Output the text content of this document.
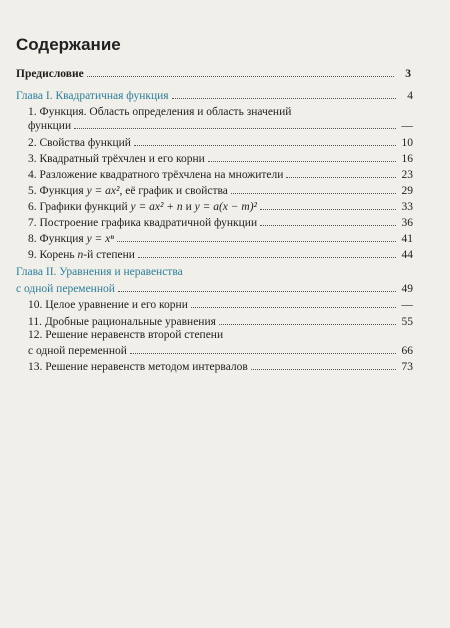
Содержание
Предисловие	3
Глава I. Квадратичная функция	4
1. Функция. Область определения и область значений
функции	—
2. Свойства функций	10
3. Квадратный трёхчлен и его корни	16
4. Разложение квадратного трёхчлена на множители	23
5. Функция y = ax², её график и свойства	29
6. Графики функций y = ax² + n и y = a(x − m)²	33
7. Построение графика квадратичной функции	36
8. Функция y = xⁿ	41
9. Корень n-й степени	44
Глава II. Уравнения и неравенства
с одной переменной	49
10. Целое уравнение и его корни	—
11. Дробные рациональные уравнения	55
12. Решение неравенств второй степени
с одной переменной	66
13. Решение неравенств методом интервалов	73
